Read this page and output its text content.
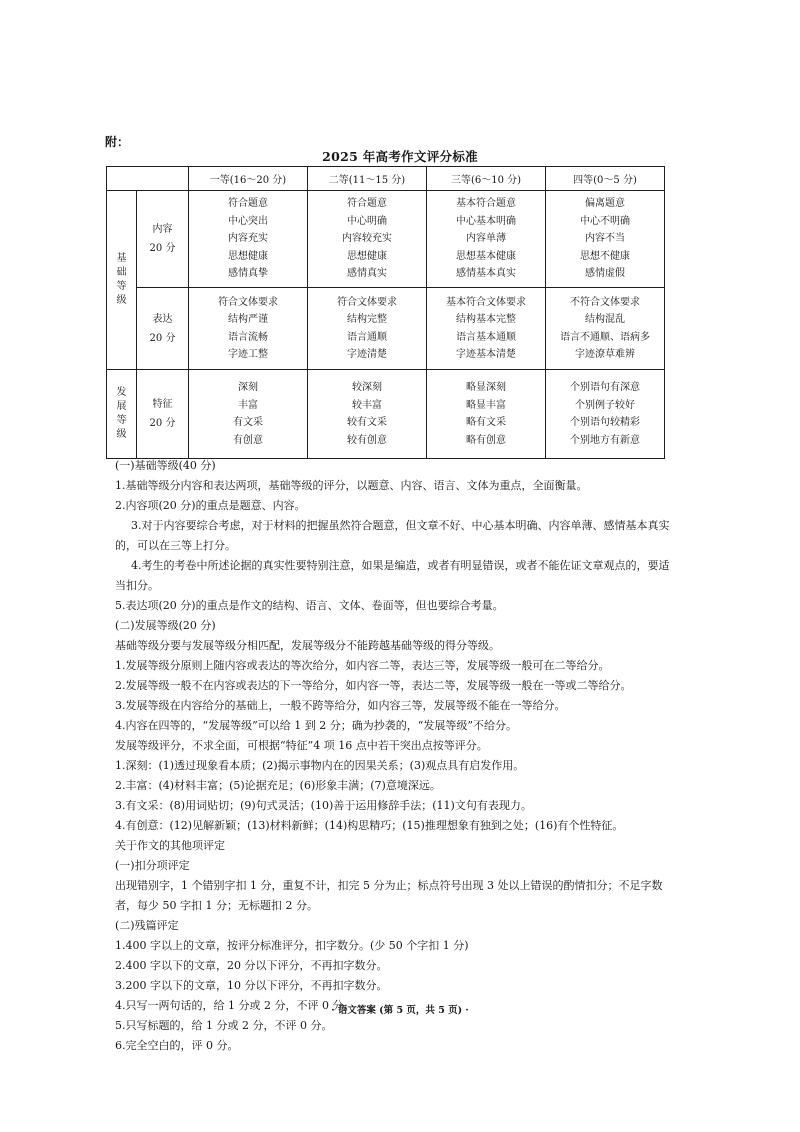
附：
2025 年高考作文评分标准
		一等(16～20 分)	二等(11～15 分)	三等(6～10 分)	四等(0～5 分)

基
础
等
级	内容
20 分	符合题意
中心突出
内容充实
思想健康
感情真挚	符合题意
中心明确
内容较充实
思想健康
感情真实	基本符合题意
中心基本明确
内容单薄
思想基本健康
感情基本真实	偏离题意
中心不明确
内容不当
思想不健康
感情虚假

	表达
20 分	符合文体要求
结构严谨
语言流畅
字迹工整	符合文体要求
结构完整
语言通顺
字迹清楚	基本符合文体要求
结构基本完整
语言基本通顺
字迹基本清楚	不符合文体要求
结构混乱
语言不通顺、语病多
字迹潦草难辨

发
展
等
级	特征
20 分	深刻
丰富
有文采
有创意	较深刻
较丰富
较有文采
较有创意	略显深刻
略显丰富
略有文采
略有创意	个别语句有深意
个别例子较好
个别语句较精彩
个别地方有新意

(一)基础等级(40 分)

1.基础等级分内容和表达两项，基础等级的评分，以题意、内容、语言、文体为重点，全面衡量。

2.内容项(20 分)的重点是题意、内容。

3.对于内容要综合考虑，对于材料的把握虽然符合题意，但文章不好、中心基本明确、内容单薄、感情基本真实的，可以在三等上打分。

4.考生的考卷中所述论据的真实性要特别注意，如果是编造，或者有明显错误，或者不能佐证文章观点的，要适当扣分。

5.表达项(20 分)的重点是作文的结构、语言、文体、卷面等，但也要综合考量。

(二)发展等级(20 分)

基础等级分要与发展等级分相匹配，发展等级分不能跨越基础等级的得分等级。

1.发展等级分原则上随内容或表达的等次给分，如内容二等，表达三等，发展等级一般可在二等给分。

2.发展等级一般不在内容或表达的下一等给分，如内容一等，表达二等，发展等级一般在一等或二等给分。

3.发展等级在内容给分的基础上，一般不跨等给分，如内容三等，发展等级不能在一等给分。

4.内容在四等的，“发展等级”可以给 1 到 2 分；确为抄袭的，“发展等级”不给分。

发展等级评分，不求全面，可根据“特征”4 项 16 点中若干突出点按等评分。

1.深刻：(1)透过现象看本质；(2)揭示事物内在的因果关系；(3)观点具有启发作用。

2.丰富：(4)材料丰富；(5)论据充足；(6)形象丰满；(7)意境深远。

3.有文采：(8)用词贴切；(9)句式灵活；(10)善于运用修辞手法；(11)文句有表现力。

4.有创意：(12)见解新颖；(13)材料新鲜；(14)构思精巧；(15)推理想象有独到之处；(16)有个性特征。

关于作文的其他项评定

(一)扣分项评定

出现错别字，1 个错别字扣 1 分，重复不计，扣完 5 分为止；标点符号出现 3 处以上错误的酌情扣分；不足字数者，每少 50 字扣 1 分；无标题扣 2 分。

(二)残篇评定

1.400 字以上的文章，按评分标准评分，扣字数分。(少 50 个字扣 1 分)

2.400 字以下的文章，20 分以下评分，不再扣字数分。

3.200 字以下的文章，10 分以下评分，不再扣字数分。

4.只写一两句话的，给 1 分或 2 分，不评 0 分。

5.只写标题的，给 1 分或 2 分，不评 0 分。

6.完全空白的，评 0 分。

· 语文答案 (第 5 页，共 5 页) ·
